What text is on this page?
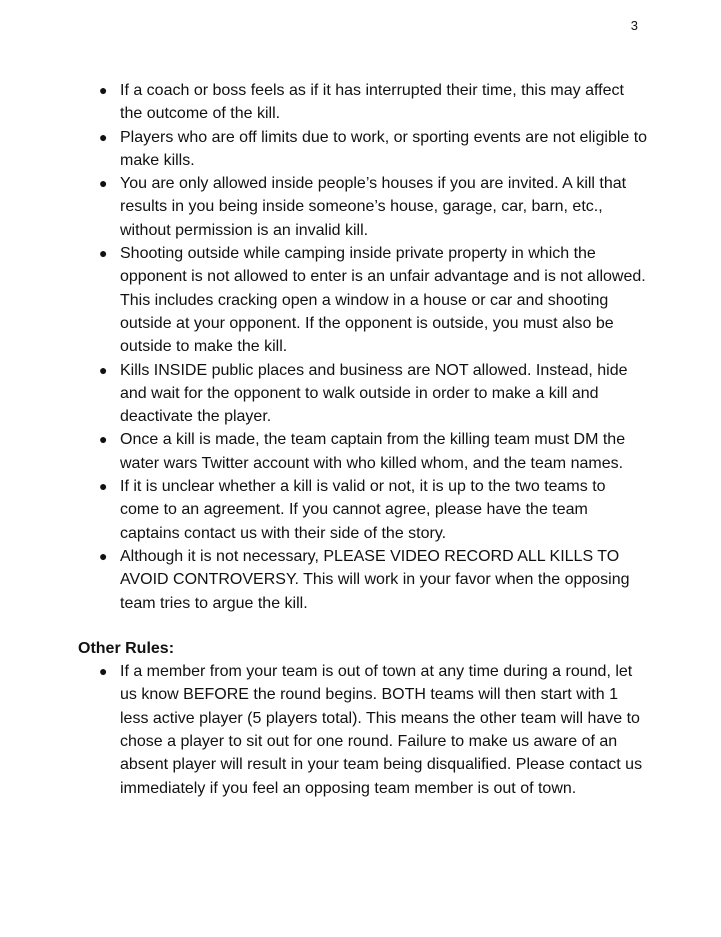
3
● If a coach or boss feels as if it has interrupted their time, this may affect the outcome of the kill.
● Players who are off limits due to work, or sporting events are not eligible to make kills.
● You are only allowed inside people’s houses if you are invited. A kill that results in you being inside someone’s house, garage, car, barn, etc., without permission is an invalid kill.
● Shooting outside while camping inside private property in which the opponent is not allowed to enter is an unfair advantage and is not allowed. This includes cracking open a window in a house or car and shooting outside at your opponent. If the opponent is outside, you must also be outside to make the kill.
● Kills INSIDE public places and business are NOT allowed. Instead, hide and wait for the opponent to walk outside in order to make a kill and deactivate the player.
● Once a kill is made, the team captain from the killing team must DM the water wars Twitter account with who killed whom, and the team names.
● If it is unclear whether a kill is valid or not, it is up to the two teams to come to an agreement. If you cannot agree, please have the team captains contact us with their side of the story.
● Although it is not necessary, PLEASE VIDEO RECORD ALL KILLS TO AVOID CONTROVERSY. This will work in your favor when the opposing team tries to argue the kill.
Other Rules:
● If a member from your team is out of town at any time during a round, let us know BEFORE the round begins. BOTH teams will then start with 1 less active player (5 players total). This means the other team will have to chose a player to sit out for one round. Failure to make us aware of an absent player will result in your team being disqualified. Please contact us immediately if you feel an opposing team member is out of town.
